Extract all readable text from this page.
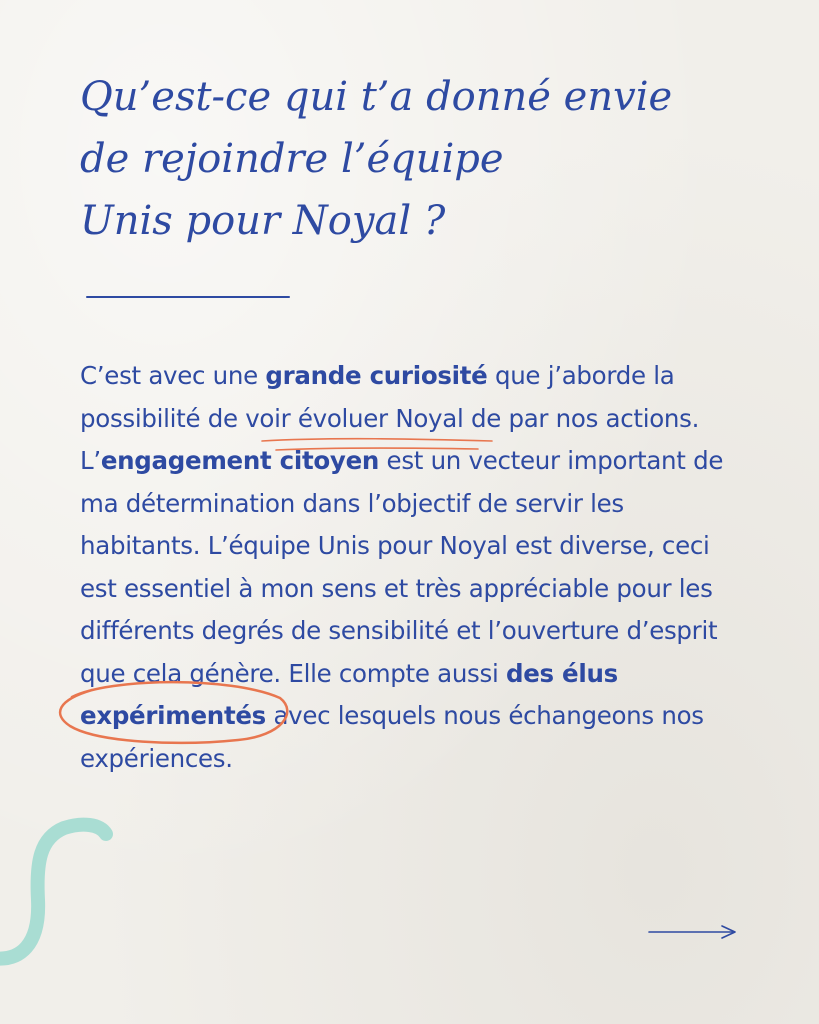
Qu’est-ce qui t’a donné envie
de rejoindre l’équipe
Unis pour Noyal ?

C’est avec une grande curiosité que j’aborde la possibilité de voir évoluer Noyal de par nos actions.

L’engagement citoyen est un vecteur important de ma détermination dans l’objectif de servir les habitants. L’équipe Unis pour Noyal est diverse, ceci est essentiel à mon sens et très appréciable pour les différents degrés de sensibilité et l’ouverture d’esprit que cela génère. Elle compte aussi des élus expérimentés avec lesquels nous échangeons nos expériences.
